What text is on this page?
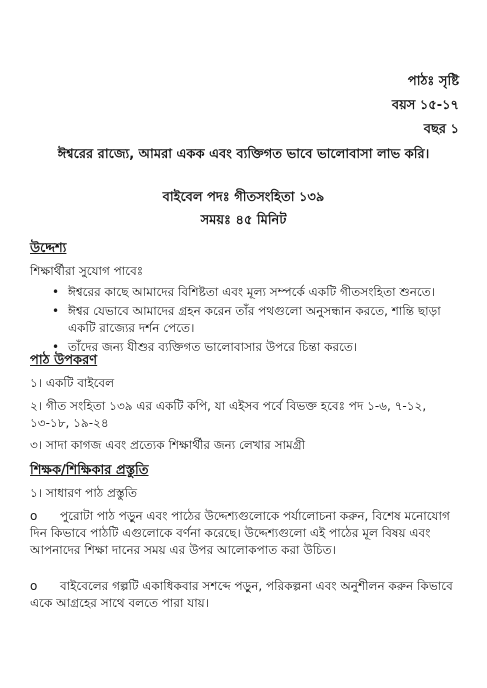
পাঠঃ সৃষ্টি
বয়স ১৫-১৭
বছর ১
ঈশ্বরের রাজ্যে, আমরা একক এবং ব্যক্তিগত ভাবে ভালোবাসা লাভ করি।
বাইবেল পদঃ গীতসংহিতা ১৩৯
সময়ঃ ৪৫ মিনিট
উদ্দেশ্য
শিক্ষার্থীরা সুযোগ পাবেঃ
• ঈশ্বরের কাছে আমাদের বিশিষ্টতা এবং মূল্য সম্পর্কে একটি গীতসংহিতা শুনতে।
• ঈশ্বর যেভাবে আমাদের গ্রহন করেন তাঁর পথগুলো অনুসন্ধান করতে, শান্তি ছাড়া একটি রাজ্যের দর্শন পেতে।
• তাঁদের জন্য যীশুর ব্যক্তিগত ভালোবাসার উপরে চিন্তা করতে।
পাঠ উপকরণ
১। একটি বাইবেল
২। গীত সংহিতা ১৩৯ এর একটি কপি, যা এইসব পর্বে বিভক্ত হবেঃ পদ ১-৬, ৭-১২, ১৩-১৮, ১৯-২৪
৩। সাদা কাগজ এবং প্রত্যেক শিক্ষার্থীর জন্য লেখার সামগ্রী
শিক্ষক/শিক্ষিকার প্রস্তুতি
১। সাধারণ পাঠ প্রস্তুতি
o পুরোটা পাঠ পড়ুন এবং পাঠের উদ্দেশ্যগুলোকে পর্যালোচনা করুন, বিশেষ মনোযোগ দিন কিভাবে পাঠটি এগুলোকে বর্ণনা করেছে। উদ্দেশ্যগুলো এই পাঠের মূল বিষয় এবং আপনাদের শিক্ষা দানের সময় এর উপর আলোকপাত করা উচিত।
o বাইবেলের গল্পটি একাধিকবার সশব্দে পড়ুন, পরিকল্পনা এবং অনুশীলন করুন কিভাবে একে আগ্রহের সাথে বলতে পারা যায়।
